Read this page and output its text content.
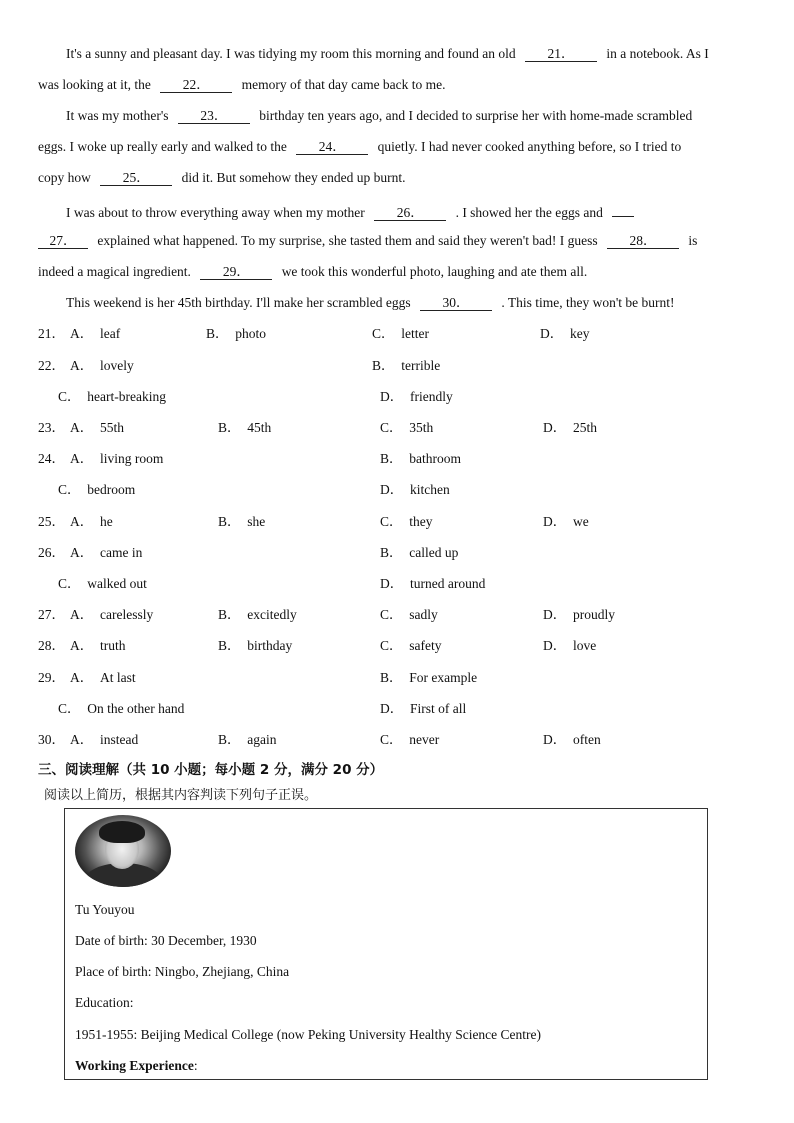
It's a sunny and pleasant day. I was tidying my room this morning and found an old 21． in a notebook. As I
was looking at it, the 22． memory of that day came back to me.
It was my mother's 23． birthday ten years ago, and I decided to surprise her with home-made scrambled
eggs. I woke up really early and walked to the 24． quietly. I had never cooked anything before, so I tried to
copy how 25． did it. But somehow they ended up burnt.
I was about to throw everything away when my mother 26． . I showed her the eggs and
27． explained what happened. To my surprise, she tasted them and said they weren't bad! I guess 28． is
indeed a magical ingredient. 29． we took this wonderful photo, laughing and ate them all.
This weekend is her 45th birthday. I'll make her scrambled eggs 30． . This time, they won't be burnt!
21． A． leaf	B． photo	C． letter	D． key
22． A． lovely	B． terrible
C． heart-breaking	D． friendly
23． A． 55th	B． 45th	C． 35th	D． 25th
24． A． living room	B． bathroom
C． bedroom	D． kitchen
25． A． he	B． she	C． they	D． we
26． A． came in	B． called up
C． walked out	D． turned around
27． A． carelessly	B． excitedly	C． sadly	D． proudly
28． A． truth	B． birthday	C． safety	D． love
29． A． At last	B． For example
C． On the other hand	D． First of all
30． A． instead	B． again	C． never	D． often
三、阅读理解（共 10 小题；每小题 2 分，满分 20 分）
阅读以上简历，根据其内容判读下列句子正误。
Tu Youyou
Date of birth: 30 December, 1930
Place of birth: Ningbo, Zhejiang, China
Education:
1951-1955: Beijing Medical College (now Peking University Healthy Science Centre)
Working Experience:
